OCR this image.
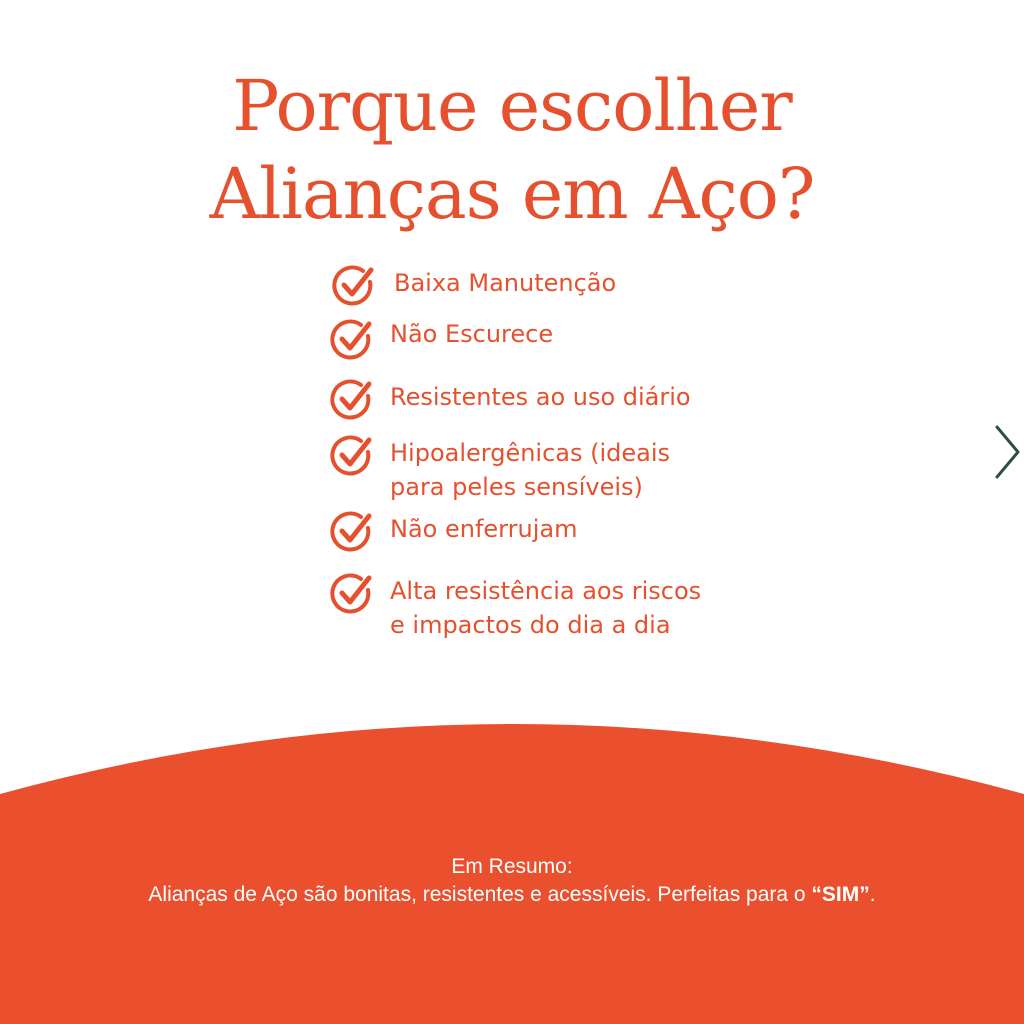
Porque escolher
Alianças em Aço?
Baixa Manutenção
Não Escurece
Resistentes ao uso diário
Hipoalergênicas (ideais
para peles sensíveis)
Não enferrujam
Alta resistência aos riscos
e impactos do dia a dia
Em Resumo:
Alianças de Aço são bonitas, resistentes e acessíveis. Perfeitas para o “SIM”.
